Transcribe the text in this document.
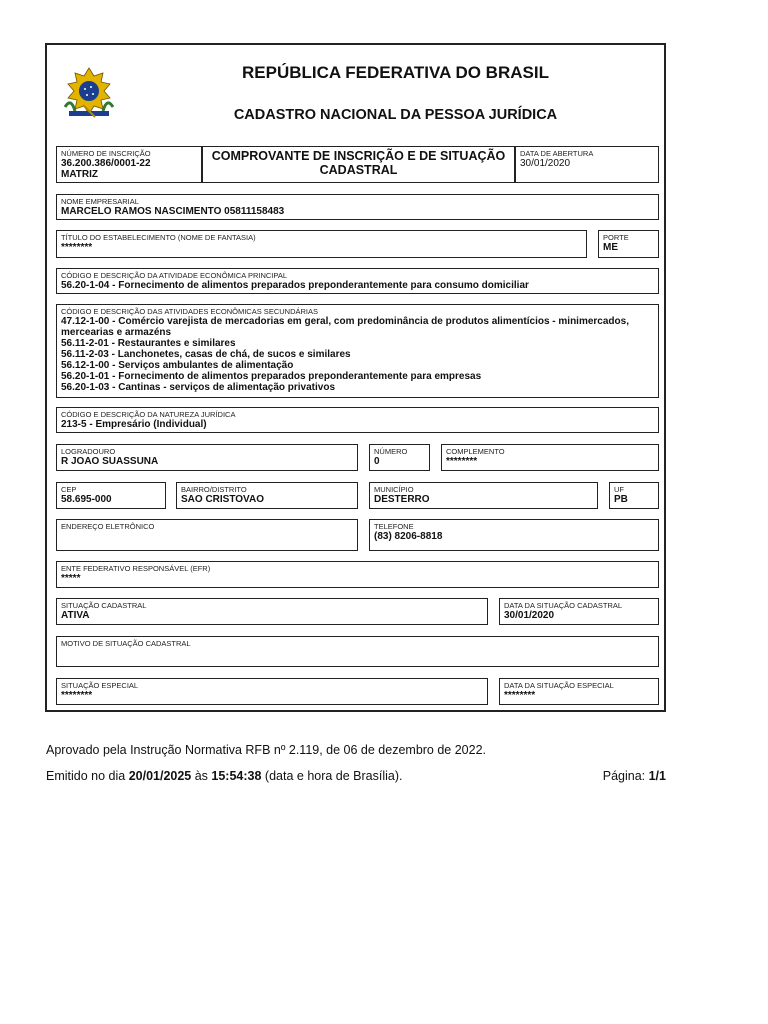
REPÚBLICA FEDERATIVA DO BRASIL
CADASTRO NACIONAL DA PESSOA JURÍDICA
NÚMERO DE INSCRIÇÃO
36.200.386/0001-22
MATRIZ
COMPROVANTE DE INSCRIÇÃO E DE SITUAÇÃO CADASTRAL
DATA DE ABERTURA
30/01/2020
NOME EMPRESARIAL
MARCELO RAMOS NASCIMENTO 05811158483
TÍTULO DO ESTABELECIMENTO (NOME DE FANTASIA)
********
PORTE
ME
CÓDIGO E DESCRIÇÃO DA ATIVIDADE ECONÔMICA PRINCIPAL
56.20-1-04 - Fornecimento de alimentos preparados preponderantemente para consumo domiciliar
CÓDIGO E DESCRIÇÃO DAS ATIVIDADES ECONÔMICAS SECUNDÁRIAS
47.12-1-00 - Comércio varejista de mercadorias em geral, com predominância de produtos alimentícios - minimercados, mercearias e armazéns
56.11-2-01 - Restaurantes e similares
56.11-2-03 - Lanchonetes, casas de chá, de sucos e similares
56.12-1-00 - Serviços ambulantes de alimentação
56.20-1-01 - Fornecimento de alimentos preparados preponderantemente para empresas
56.20-1-03 - Cantinas - serviços de alimentação privativos
CÓDIGO E DESCRIÇÃO DA NATUREZA JURÍDICA
213-5 - Empresário (Individual)
LOGRADOURO
R JOAO SUASSUNA
NÚMERO
0
COMPLEMENTO
********
CEP
58.695-000
BAIRRO/DISTRITO
SAO CRISTOVAO
MUNICÍPIO
DESTERRO
UF
PB
ENDEREÇO ELETRÔNICO	TELEFONE
(83) 8206-8818
ENTE FEDERATIVO RESPONSÁVEL (EFR)
*****
SITUAÇÃO CADASTRAL
ATIVA
DATA DA SITUAÇÃO CADASTRAL
30/01/2020
MOTIVO DE SITUAÇÃO CADASTRAL
SITUAÇÃO ESPECIAL
********
DATA DA SITUAÇÃO ESPECIAL
********
Aprovado pela Instrução Normativa RFB nº 2.119, de 06 de dezembro de 2022.
Emitido no dia 20/01/2025 às 15:54:38 (data e hora de Brasília).	Página: 1/1
